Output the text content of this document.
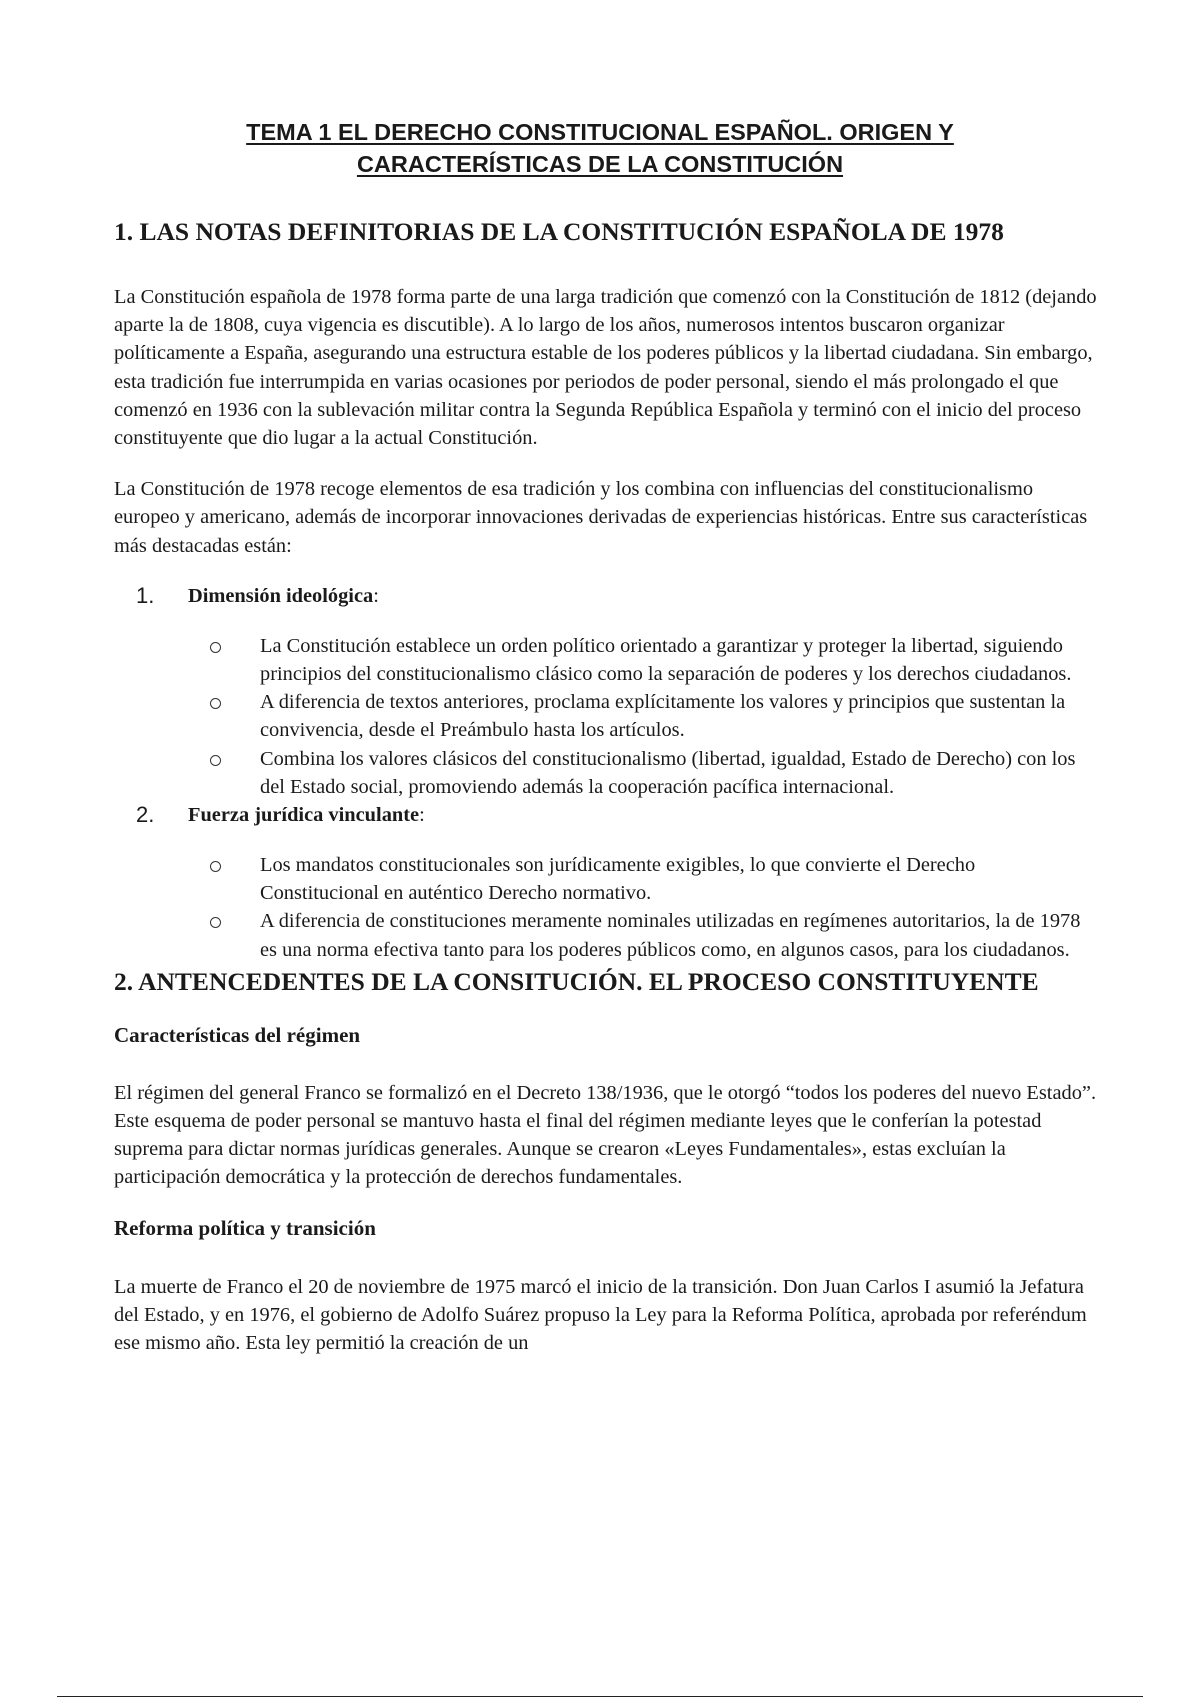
TEMA 1 EL DERECHO CONSTITUCIONAL ESPAÑOL. ORIGEN Y
CARACTERÍSTICAS DE LA CONSTITUCIÓN
1. LAS NOTAS DEFINITORIAS DE LA CONSTITUCIÓN ESPAÑOLA DE 1978

La Constitución española de 1978 forma parte de una larga tradición que comenzó con la Constitución de 1812 (dejando aparte la de 1808, cuya vigencia es discutible). A lo largo de los años, numerosos intentos buscaron organizar políticamente a España, asegurando una estructura estable de los poderes públicos y la libertad ciudadana. Sin embargo, esta tradición fue interrumpida en varias ocasiones por periodos de poder personal, siendo el más prolongado el que comenzó en 1936 con la sublevación militar contra la Segunda República Española y terminó con el inicio del proceso constituyente que dio lugar a la actual Constitución.

La Constitución de 1978 recoge elementos de esa tradición y los combina con influencias del constitucionalismo europeo y americano, además de incorporar innovaciones derivadas de experiencias históricas. Entre sus características más destacadas están:

1. Dimensión ideológica:

La Constitución establece un orden político orientado a garantizar y proteger la libertad, siguiendo principios del constitucionalismo clásico como la separación de poderes y los derechos ciudadanos.
A diferencia de textos anteriores, proclama explícitamente los valores y principios que sustentan la convivencia, desde el Preámbulo hasta los artículos.
Combina los valores clásicos del constitucionalismo (libertad, igualdad, Estado de Derecho) con los del Estado social, promoviendo además la cooperación pacífica internacional.
2. Fuerza jurídica vinculante:

Los mandatos constitucionales son jurídicamente exigibles, lo que convierte el Derecho Constitucional en auténtico Derecho normativo.
A diferencia de constituciones meramente nominales utilizadas en regímenes autoritarios, la de 1978 es una norma efectiva tanto para los poderes públicos como, en algunos casos, para los ciudadanos.
2. ANTENCEDENTES DE LA CONSITUCIÓN. EL PROCESO CONSTITUYENTE
Características del régimen

El régimen del general Franco se formalizó en el Decreto 138/1936, que le otorgó “todos los poderes del nuevo Estado”. Este esquema de poder personal se mantuvo hasta el final del régimen mediante leyes que le conferían la potestad suprema para dictar normas jurídicas generales. Aunque se crearon «Leyes Fundamentales», estas excluían la participación democrática y la protección de derechos fundamentales.

Reforma política y transición

La muerte de Franco el 20 de noviembre de 1975 marcó el inicio de la transición. Don Juan Carlos I asumió la Jefatura del Estado, y en 1976, el gobierno de Adolfo Suárez propuso la Ley para la Reforma Política, aprobada por referéndum ese mismo año. Esta ley permitió la creación de un
